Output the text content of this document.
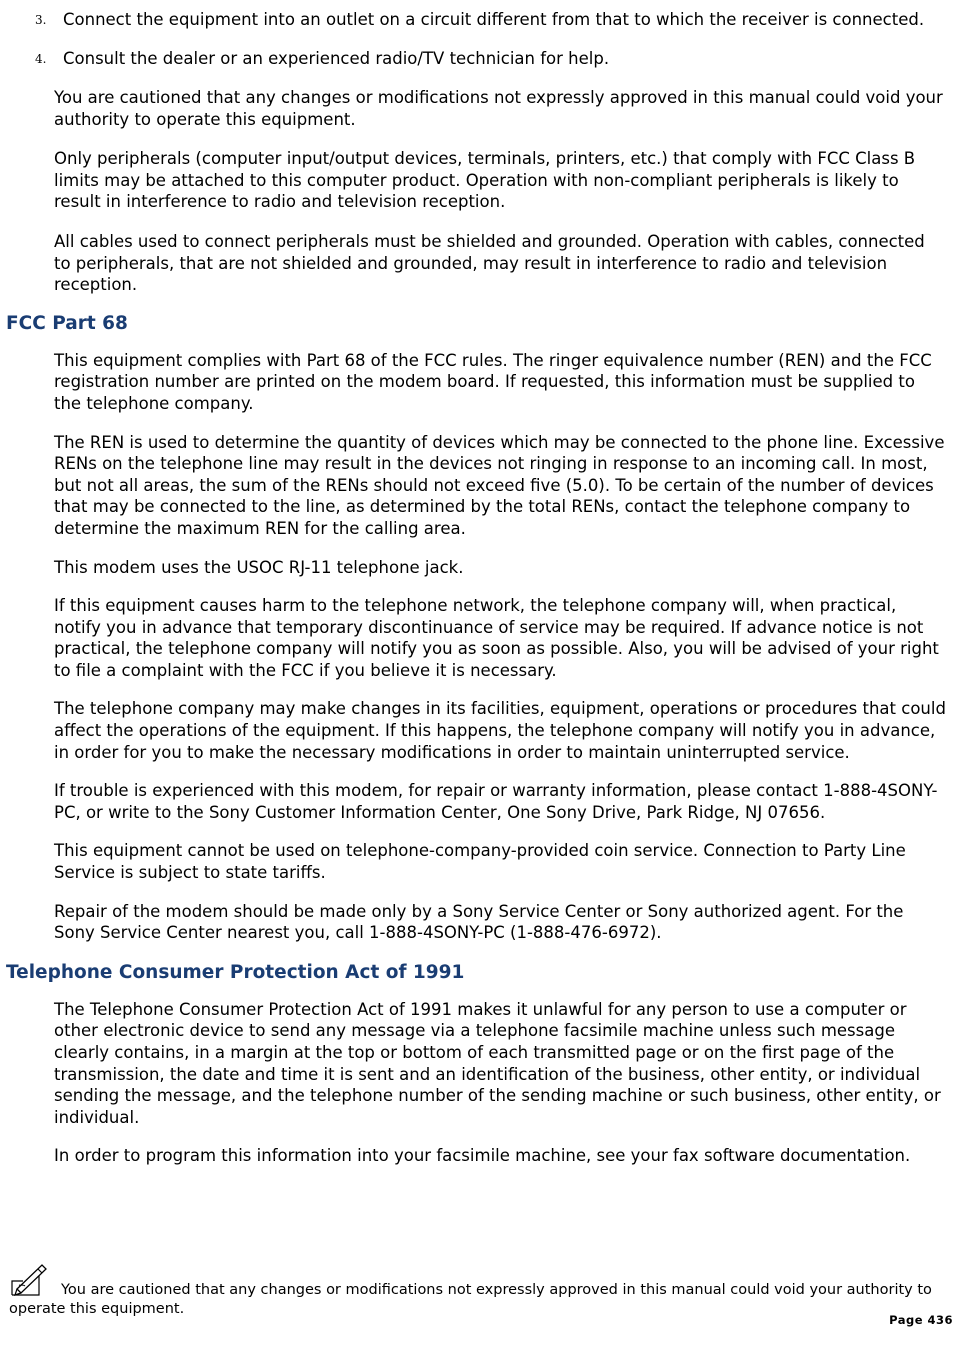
3. Connect the equipment into an outlet on a circuit different from that to which the receiver is connected.
4. Consult the dealer or an experienced radio/TV technician for help.

You are cautioned that any changes or modifications not expressly approved in this manual could void your authority to operate this equipment.

Only peripherals (computer input/output devices, terminals, printers, etc.) that comply with FCC Class B limits may be attached to this computer product. Operation with non-compliant peripherals is likely to result in interference to radio and television reception.

All cables used to connect peripherals must be shielded and grounded. Operation with cables, connected to peripherals, that are not shielded and grounded, may result in interference to radio and television reception.

FCC Part 68

This equipment complies with Part 68 of the FCC rules. The ringer equivalence number (REN) and the FCC registration number are printed on the modem board. If requested, this information must be supplied to the telephone company.

The REN is used to determine the quantity of devices which may be connected to the phone line. Excessive RENs on the telephone line may result in the devices not ringing in response to an incoming call. In most, but not all areas, the sum of the RENs should not exceed five (5.0). To be certain of the number of devices that may be connected to the line, as determined by the total RENs, contact the telephone company to determine the maximum REN for the calling area.

This modem uses the USOC RJ-11 telephone jack.

If this equipment causes harm to the telephone network, the telephone company will, when practical, notify you in advance that temporary discontinuance of service may be required. If advance notice is not practical, the telephone company will notify you as soon as possible. Also, you will be advised of your right to file a complaint with the FCC if you believe it is necessary.

The telephone company may make changes in its facilities, equipment, operations or procedures that could affect the operations of the equipment. If this happens, the telephone company will notify you in advance, in order for you to make the necessary modifications in order to maintain uninterrupted service.

If trouble is experienced with this modem, for repair or warranty information, please contact 1-888-4SONY-PC, or write to the Sony Customer Information Center, One Sony Drive, Park Ridge, NJ 07656.

This equipment cannot be used on telephone-company-provided coin service. Connection to Party Line Service is subject to state tariffs.

Repair of the modem should be made only by a Sony Service Center or Sony authorized agent. For the Sony Service Center nearest you, call 1-888-4SONY-PC (1-888-476-6972).

Telephone Consumer Protection Act of 1991

The Telephone Consumer Protection Act of 1991 makes it unlawful for any person to use a computer or other electronic device to send any message via a telephone facsimile machine unless such message clearly contains, in a margin at the top or bottom of each transmitted page or on the first page of the transmission, the date and time it is sent and an identification of the business, other entity, or individual sending the message, and the telephone number of the sending machine or such business, other entity, or individual.

In order to program this information into your facsimile machine, see your fax software documentation.

You are cautioned that any changes or modifications not expressly approved in this manual could void your authority to operate this equipment.
Page 436
